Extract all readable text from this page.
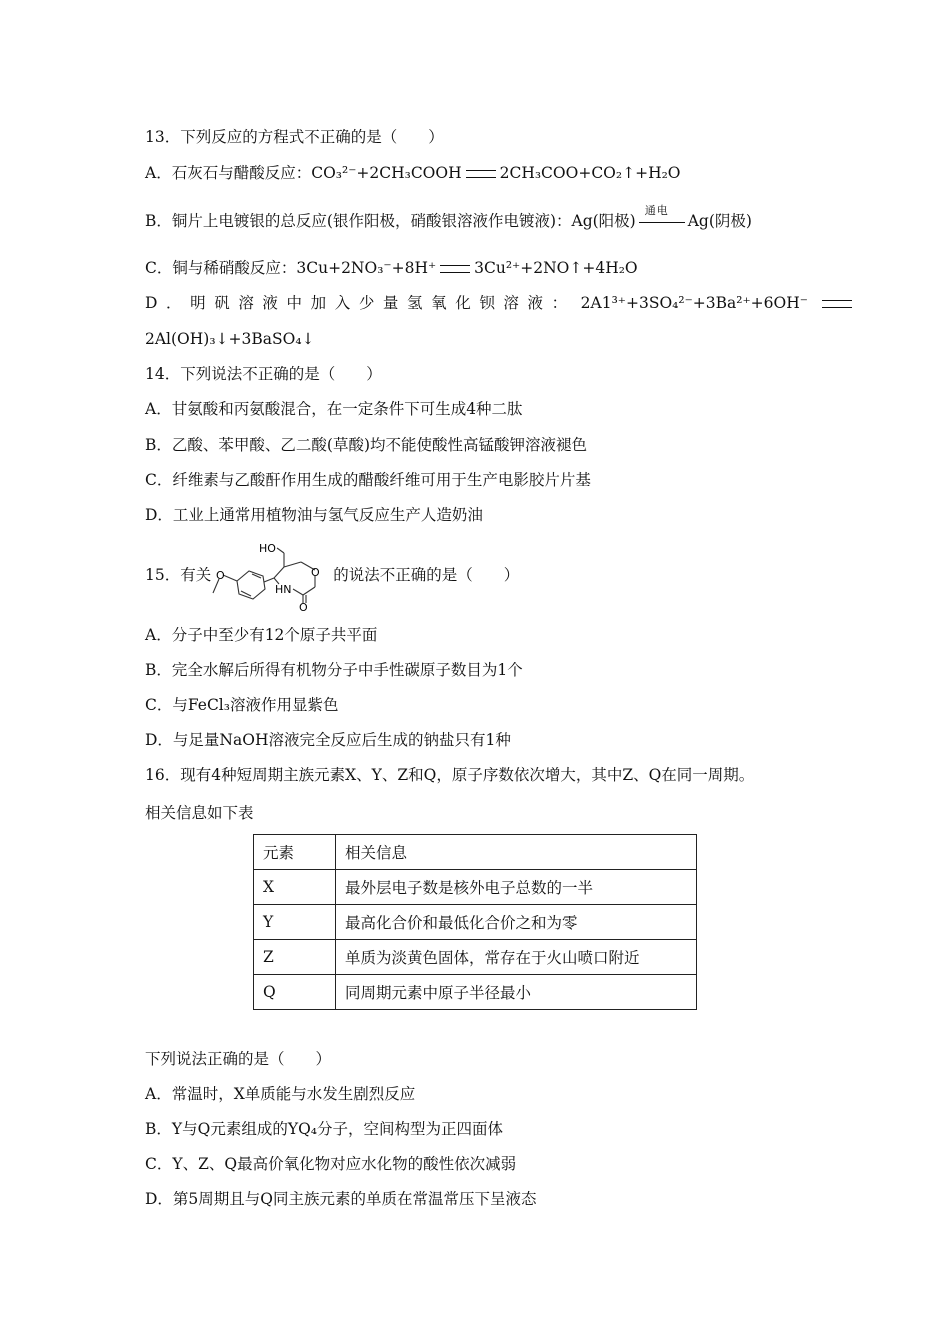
13．下列反应的方程式不正确的是（　　）
A．石灰石与醋酸反应：CO₃²⁻+2CH₃COOH 2CH₃COO+CO₂↑+H₂O
B．铜片上电镀银的总反应(银作阳极，硝酸银溶液作电镀液)：Ag(阳极)
通电
Ag(阴极)
C．铜与稀硝酸反应：3Cu+2NO₃⁻+8H⁺ 3Cu²⁺+2NO↑+4H₂O
D．明矾溶液中加入少量氢氧化钡溶液： 2A1³⁺+3SO₄²⁻+3Ba²⁺+6OH⁻
2Al(OH)₃↓+3BaSO₄↓
14．下列说法不正确的是（　　）
A．甘氨酸和丙氨酸混合，在一定条件下可生成4种二肽
B．乙酸、苯甲酸、乙二酸(草酸)均不能使酸性高锰酸钾溶液褪色
C．纤维素与乙酸酐作用生成的醋酸纤维可用于生产电影胶片片基
D．工业上通常用植物油与氢气反应生产人造奶油
15．有关 O
HO
O
HN
O
的说法不正确的是（　　）
A．分子中至少有12个原子共平面
B．完全水解后所得有机物分子中手性碳原子数目为1个
C．与FeCl₃溶液作用显紫色
D．与足量NaOH溶液完全反应后生成的钠盐只有1种
16．现有4种短周期主族元素X、Y、Z和Q，原子序数依次增大，其中Z、Q在同一周期。
相关信息如下表
元素	相关信息
X	最外层电子数是核外电子总数的一半
Y	最高化合价和最低化合价之和为零
Z	单质为淡黄色固体，常存在于火山喷口附近
Q	同周期元素中原子半径最小
下列说法正确的是（　　）
A．常温时，X单质能与水发生剧烈反应
B．Y与Q元素组成的YQ₄分子，空间构型为正四面体
C．Y、Z、Q最高价氧化物对应水化物的酸性依次减弱
D．第5周期且与Q同主族元素的单质在常温常压下呈液态
